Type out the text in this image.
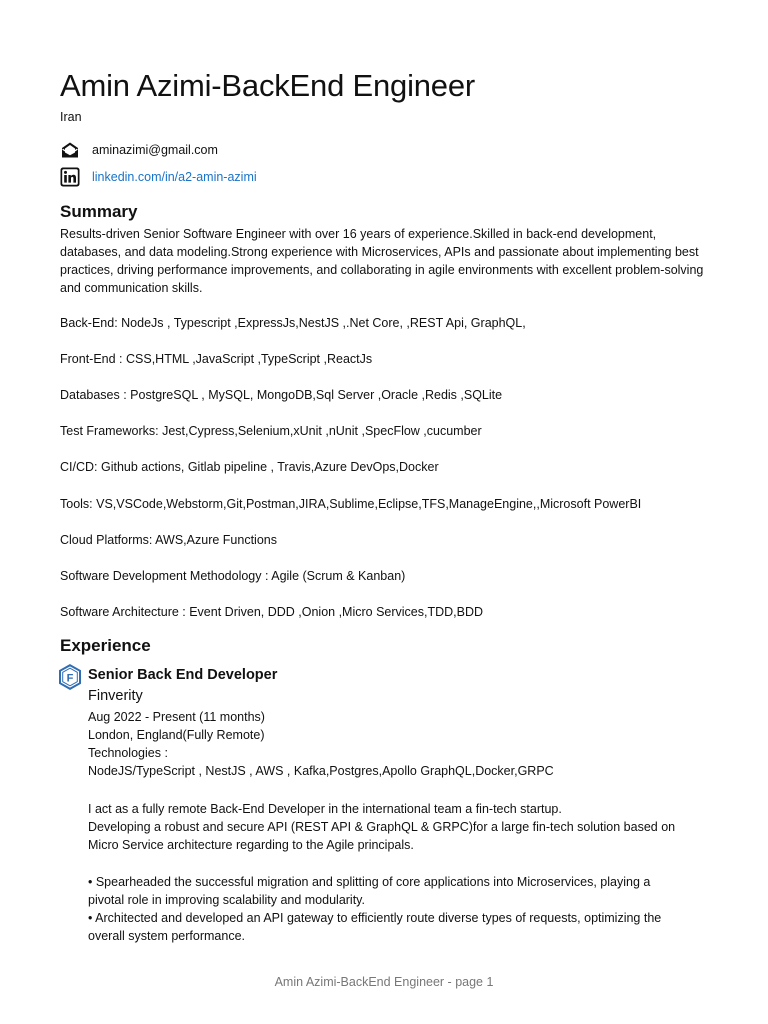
Amin Azimi-BackEnd Engineer
Iran
aminazimi@gmail.com
linkedin.com/in/a2-amin-azimi
Summary
Results-driven Senior Software Engineer with over 16 years of experience.Skilled in back-end development, databases, and data modeling.Strong experience with Microservices, APIs and passionate about implementing best practices, driving performance improvements, and collaborating in agile environments with excellent problem-solving and communication skills.
Back-End: NodeJs , Typescript ,ExpressJs,NestJS ,.Net Core, ,REST Api, GraphQL,
Front-End : CSS,HTML ,JavaScript ,TypeScript ,ReactJs
Databases : PostgreSQL , MySQL, MongoDB,Sql Server ,Oracle ,Redis ,SQLite
Test Frameworks: Jest,Cypress,Selenium,xUnit ,nUnit ,SpecFlow ,cucumber
CI/CD: Github actions, Gitlab pipeline , Travis,Azure DevOps,Docker
Tools: VS,VSCode,Webstorm,Git,Postman,JIRA,Sublime,Eclipse,TFS,ManageEngine,,Microsoft PowerBI
Cloud Platforms: AWS,Azure Functions
Software Development Methodology : Agile (Scrum & Kanban)
Software Architecture : Event Driven, DDD ,Onion ,Micro Services,TDD,BDD
Experience
F Senior Back End Developer
Finverity
Aug 2022 - Present (11 months)
London, England(Fully Remote)
Technologies :
NodeJS/TypeScript , NestJS , AWS , Kafka,Postgres,Apollo GraphQL,Docker,GRPC
I act as a fully remote Back-End Developer in the international team a fin-tech startup.
Developing a robust and secure API (REST API & GraphQL & GRPC)for a large fin-tech solution based on Micro Service architecture regarding to the Agile principals.
• Spearheaded the successful migration and splitting of core applications into Microservices, playing a pivotal role in improving scalability and modularity.
• Architected and developed an API gateway to efficiently route diverse types of requests, optimizing the overall system performance.
Amin Azimi-BackEnd Engineer - page 1
